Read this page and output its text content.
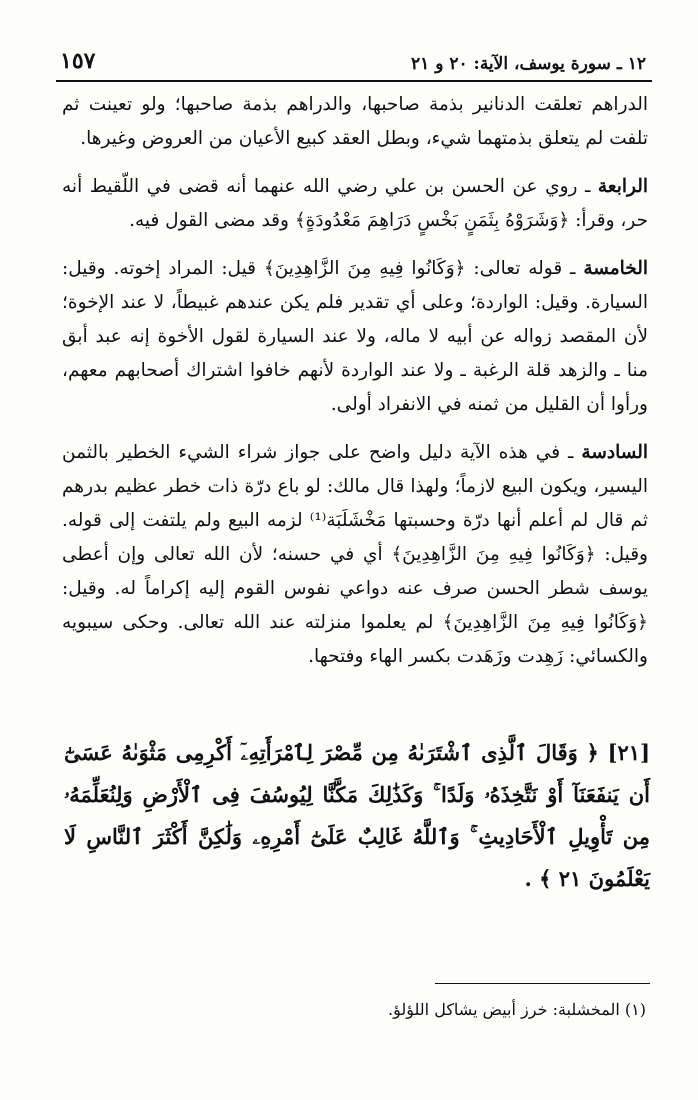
١٢ ـ سورة يوسف، الآية: ٢٠ و ٢١
١٥٧

الدراهم تعلقت الدنانير بذمة صاحبها، والدراهم بذمة صاحبها؛ ولو تعينت ثم تلفت لم يتعلق بذمتهما شيء، وبطل العقد كبيع الأعيان من العروض وغيرها.

الرابعة ـ روي عن الحسن بن علي رضي الله عنهما أنه قضى في اللّقيط أنه حر، وقرأ: ﴿وَشَرَوْهُ بِثَمَنٍ بَخْسٍ دَرَاهِمَ مَعْدُودَةٍ﴾ وقد مضى القول فيه.

الخامسة ـ قوله تعالى: ﴿وَكَانُوا فِيهِ مِنَ الزَّاهِدِينَ﴾ قيل: المراد إخوته. وقيل: السيارة. وقيل: الواردة؛ وعلى أي تقدير فلم يكن عندهم غبيطاً، لا عند الإخوة؛ لأن المقصد زواله عن أبيه لا ماله، ولا عند السيارة لقول الأخوة إنه عبد أبق منا ـ والزهد قلة الرغبة ـ ولا عند الواردة لأنهم خافوا اشتراك أصحابهم معهم، ورأوا أن القليل من ثمنه في الانفراد أولى.

السادسة ـ في هذه الآية دليل واضح على جواز شراء الشيء الخطير بالثمن اليسير، ويكون البيع لازماً؛ ولهذا قال مالك: لو باع درّة ذات خطر عظيم بدرهم ثم قال لم أعلم أنها درّة وحسبتها مَخْشَلَبَة⁽¹⁾ لزمه البيع ولم يلتفت إلى قوله. وقيل: ﴿وَكَانُوا فِيهِ مِنَ الزَّاهِدِينَ﴾ أي في حسنه؛ لأن الله تعالى وإن أعطى يوسف شطر الحسن صرف عنه دواعي نفوس القوم إليه إكراماً له. وقيل: ﴿وَكَانُوا فِيهِ مِنَ الزَّاهِدِينَ﴾ لم يعلموا منزلته عند الله تعالى. وحكى سيبويه والكسائي: زَهِدت وزَهَدت بكسر الهاء وفتحها.

[٢١] ﴿ وَقَالَ ٱلَّذِى ٱشْتَرَىٰهُ مِن مِّصْرَ لِٱمْرَأَتِهِۦٓ أَكْرِمِى مَثْوَىٰهُ عَسَىٰٓ أَن يَنفَعَنَآ أَوْ نَتَّخِذَهُۥ وَلَدًا ۚ وَكَذَٰلِكَ مَكَّنَّا لِيُوسُفَ فِى ٱلْأَرْضِ وَلِنُعَلِّمَهُۥ مِن تَأْوِيلِ ٱلْأَحَادِيثِ ۚ وَٱللَّهُ غَالِبٌ عَلَىٰٓ أَمْرِهِۦ وَلَٰكِنَّ أَكْثَرَ ٱلنَّاسِ لَا يَعْلَمُونَ ٢١ ﴾ .

(١) المخشلبة: خرز أبيض يشاكل اللؤلؤ.
